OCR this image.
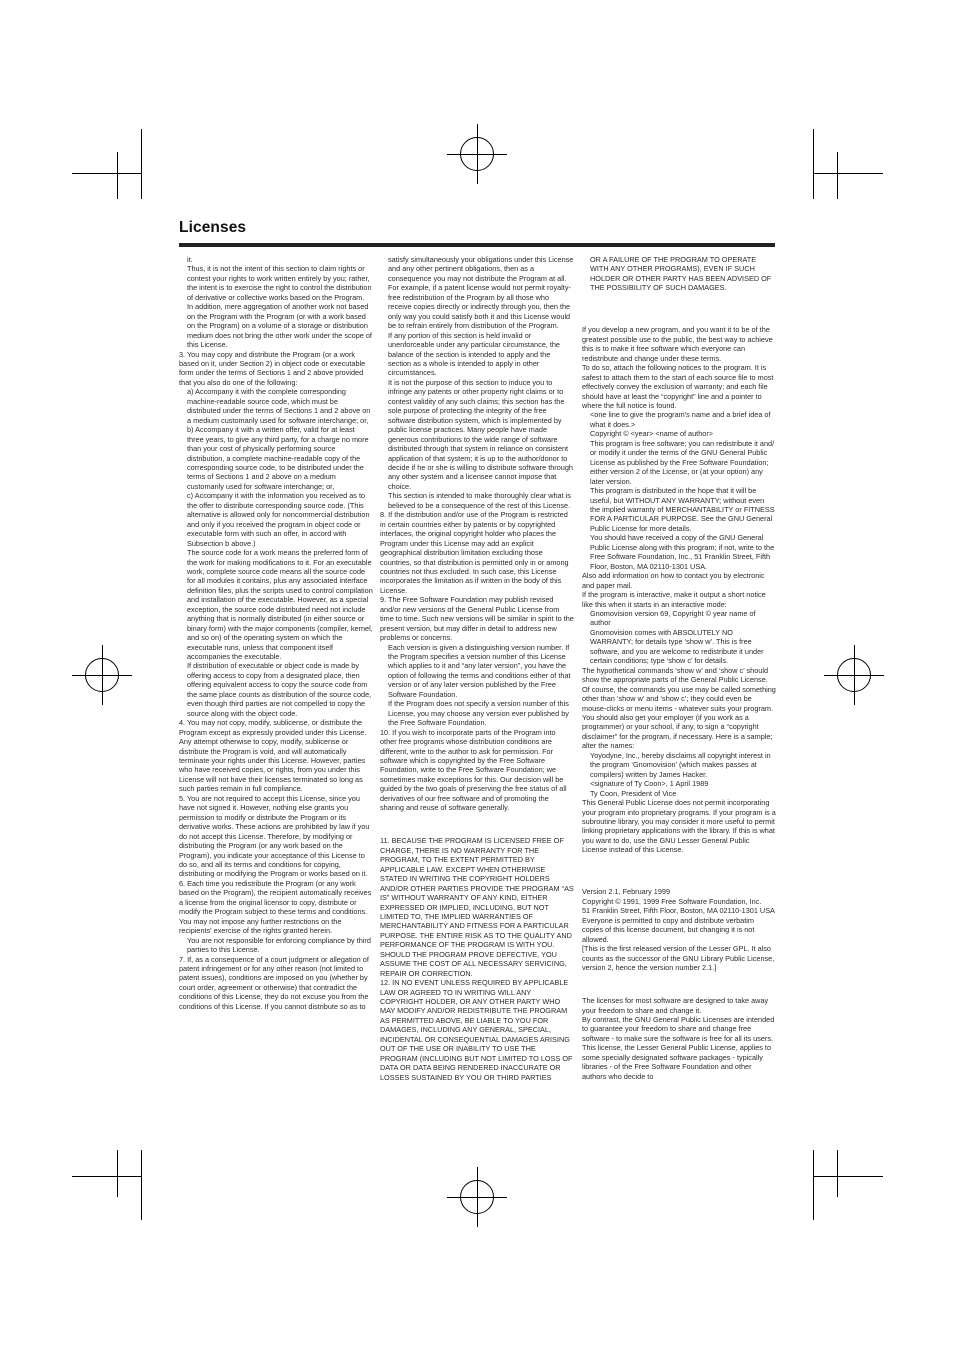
Licenses

it.

Thus, it is not the intent of this section to claim rights or contest your rights to work written entirely by you; rather, the intent is to exercise the right to control the distribution of derivative or collective works based on the Program.

In addition, mere aggregation of another work not based on the Program with the Program (or with a work based on the Program) on a volume of a storage or distribution medium does not bring the other work under the scope of this License.

3. You may copy and distribute the Program (or a work based on it, under Section 2) in object code or executable form under the terms of Sections 1 and 2 above provided that you also do one of the following:

a) Accompany it with the complete corresponding machine-readable source code, which must be distributed under the terms of Sections 1 and 2 above on a medium customarily used for software interchange; or,

b) Accompany it with a written offer, valid for at least three years, to give any third party, for a charge no more than your cost of physically performing source distribution, a complete machine-readable copy of the corresponding source code, to be distributed under the terms of Sections 1 and 2 above on a medium customarily used for software interchange; or,

c) Accompany it with the information you received as to the offer to distribute corresponding source code. (This alternative is allowed only for noncommercial distribution and only if you received the program in object code or executable form with such an offer, in accord with Subsection b above.)

The source code for a work means the preferred form of the work for making modifications to it. For an executable work, complete source code means all the source code for all modules it contains, plus any associated interface definition files, plus the scripts used to control compilation and installation of the executable. However, as a special exception, the source code distributed need not include anything that is normally distributed (in either source or binary form) with the major components (compiler, kernel, and so on) of the operating system on which the executable runs, unless that component itself accompanies the executable.

If distribution of executable or object code is made by offering access to copy from a designated place, then offering equivalent access to copy the source code from the same place counts as distribution of the source code, even though third parties are not compelled to copy the source along with the object code.

4. You may not copy, modify, sublicense, or distribute the Program except as expressly provided under this License. Any attempt otherwise to copy, modify, sublicense or distribute the Program is void, and will automatically terminate your rights under this License. However, parties who have received copies, or rights, from you under this License will not have their licenses terminated so long as such parties remain in full compliance.

5. You are not required to accept this License, since you have not signed it. However, nothing else grants you permission to modify or distribute the Program or its derivative works. These actions are prohibited by law if you do not accept this License. Therefore, by modifying or distributing the Program (or any work based on the Program), you indicate your acceptance of this License to do so, and all its terms and conditions for copying, distributing or modifying the Program or works based on it.

6. Each time you redistribute the Program (or any work based on the Program), the recipient automatically receives a license from the original licensor to copy, distribute or modify the Program subject to these terms and conditions. You may not impose any further restrictions on the recipients' exercise of the rights granted herein.

You are not responsible for enforcing compliance by third parties to this License.

7. If, as a consequence of a court judgment or allegation of patent infringement or for any other reason (not limited to patent issues), conditions are imposed on you (whether by court order, agreement or otherwise) that contradict the conditions of this License, they do not excuse you from the conditions of this License. If you cannot distribute so as to

satisfy simultaneously your obligations under this License and any other pertinent obligations, then as a consequence you may not distribute the Program at all. For example, if a patent license would not permit royalty-free redistribution of the Program by all those who receive copies directly or indirectly through you, then the only way you could satisfy both it and this License would be to refrain entirely from distribution of the Program.

If any portion of this section is held invalid or unenforceable under any particular circumstance, the balance of the section is intended to apply and the section as a whole is intended to apply in other circumstances.

It is not the purpose of this section to induce you to infringe any patents or other property right claims or to contest validity of any such claims; this section has the sole purpose of protecting the integrity of the free software distribution system, which is implemented by public license practices. Many people have made generous contributions to the wide range of software distributed through that system in reliance on consistent application of that system; it is up to the author/donor to decide if he or she is willing to distribute software through any other system and a licensee cannot impose that choice.

This section is intended to make thoroughly clear what is believed to be a consequence of the rest of this License.

8. If the distribution and/or use of the Program is restricted in certain countries either by patents or by copyrighted interfaces, the original copyright holder who places the Program under this License may add an explicit geographical distribution limitation excluding those countries, so that distribution is permitted only in or among countries not thus excluded. In such case, this License incorporates the limitation as if written in the body of this License.

9. The Free Software Foundation may publish revised and/or new versions of the General Public License from time to time. Such new versions will be similar in spirit to the present version, but may differ in detail to address new problems or concerns.

Each version is given a distinguishing version number. If the Program specifies a version number of this License which applies to it and “any later version”, you have the option of following the terms and conditions either of that version or of any later version published by the Free Software Foundation.

If the Program does not specify a version number of this License, you may choose any version ever published by the Free Software Foundation.

10. If you wish to incorporate parts of the Program into other free programs whose distribution conditions are different, write to the author to ask for permission. For software which is copyrighted by the Free Software Foundation, write to the Free Software Foundation; we sometimes make exceptions for this. Our decision will be guided by the two goals of preserving the free status of all derivatives of our free software and of promoting the sharing and reuse of software generally.

11. BECAUSE THE PROGRAM IS LICENSED FREE OF CHARGE, THERE IS NO WARRANTY FOR THE PROGRAM, TO THE EXTENT PERMITTED BY APPLICABLE LAW. EXCEPT WHEN OTHERWISE STATED IN WRITING THE COPYRIGHT HOLDERS AND/OR OTHER PARTIES PROVIDE THE PROGRAM “AS IS” WITHOUT WARRANTY OF ANY KIND, EITHER EXPRESSED OR IMPLIED, INCLUDING, BUT NOT LIMITED TO, THE IMPLIED WARRANTIES OF MERCHANTABILITY AND FITNESS FOR A PARTICULAR PURPOSE. THE ENTIRE RISK AS TO THE QUALITY AND PERFORMANCE OF THE PROGRAM IS WITH YOU. SHOULD THE PROGRAM PROVE DEFECTIVE, YOU ASSUME THE COST OF ALL NECESSARY SERVICING, REPAIR OR CORRECTION.

12. IN NO EVENT UNLESS REQUIRED BY APPLICABLE LAW OR AGREED TO IN WRITING WILL ANY COPYRIGHT HOLDER, OR ANY OTHER PARTY WHO MAY MODIFY AND/OR REDISTRIBUTE THE PROGRAM AS PERMITTED ABOVE, BE LIABLE TO YOU FOR DAMAGES, INCLUDING ANY GENERAL, SPECIAL, INCIDENTAL OR CONSEQUENTIAL DAMAGES ARISING OUT OF THE USE OR INABILITY TO USE THE PROGRAM (INCLUDING BUT NOT LIMITED TO LOSS OF DATA OR DATA BEING RENDERED INACCURATE OR LOSSES SUSTAINED BY YOU OR THIRD PARTIES

OR A FAILURE OF THE PROGRAM TO OPERATE WITH ANY OTHER PROGRAMS), EVEN IF SUCH HOLDER OR OTHER PARTY HAS BEEN ADVISED OF THE POSSIBILITY OF SUCH DAMAGES.

If you develop a new program, and you want it to be of the greatest possible use to the public, the best way to achieve this is to make it free software which everyone can redistribute and change under these terms.

To do so, attach the following notices to the program. It is safest to attach them to the start of each source file to most effectively convey the exclusion of warranty; and each file should have at least the “copyright” line and a pointer to where the full notice is found.

<one line to give the program's name and a brief idea of what it does.>

Copyright © <year> <name of author>

This program is free software; you can redistribute it and/ or modify it under the terms of the GNU General Public License as published by the Free Software Foundation; either version 2 of the License, or (at your option) any later version.

This program is distributed in the hope that it will be useful, but WITHOUT ANY WARRANTY; without even the implied warranty of MERCHANTABILITY or FITNESS FOR A PARTICULAR PURPOSE. See the GNU General Public License for more details.

You should have received a copy of the GNU General Public License along with this program; if not, write to the Free Software Foundation, Inc., 51 Franklin Street, Fifth Floor, Boston, MA 02110-1301 USA.

Also add information on how to contact you by electronic and paper mail.

If the program is interactive, make it output a short notice like this when it starts in an interactive mode:

Gnomovision version 69, Copyright © year name of author

Gnomovision comes with ABSOLUTELY NO WARRANTY; for details type ‘show w’. This is free software, and you are welcome to redistribute it under certain conditions; type ‘show c’ for details.

The hypothetical commands ‘show w’ and ‘show c’ should show the appropriate parts of the General Public License. Of course, the commands you use may be called something other than ‘show w’ and ‘show c’; they could even be mouse-clicks or menu items - whatever suits your program.

You should also get your employer (if you work as a programmer) or your school, if any, to sign a “copyright disclaimer” for the program, if necessary. Here is a sample; alter the names:

Yoyodyne, Inc., hereby disclaims all copyright interest in the program ‘Gnomovision’ (which makes passes at compilers) written by James Hacker.

<signature of Ty Coon>, 1 April 1989

Ty Coon, President of Vice

This General Public License does not permit incorporating your program into proprietary programs. If your program is a subroutine library, you may consider it more useful to permit linking proprietary applications with the library. If this is what you want to do, use the GNU Lesser General Public License instead of this License.

Version 2.1, February 1999

Copyright © 1991, 1999 Free Software Foundation, Inc.

51 Franklin Street, Fifth Floor, Boston, MA 02110-1301 USA

Everyone is permitted to copy and distribute verbatim copies of this license document, but changing it is not allowed.

[This is the first released version of the Lesser GPL. It also counts as the successor of the GNU Library Public License, version 2, hence the version number 2.1.]

The licenses for most software are designed to take away your freedom to share and change it.

By contrast, the GNU General Public Licenses are intended to guarantee your freedom to share and change free software - to make sure the software is free for all its users. This license, the Lesser General Public License, applies to some specially designated software packages - typically libraries - of the Free Software Foundation and other authors who decide to
